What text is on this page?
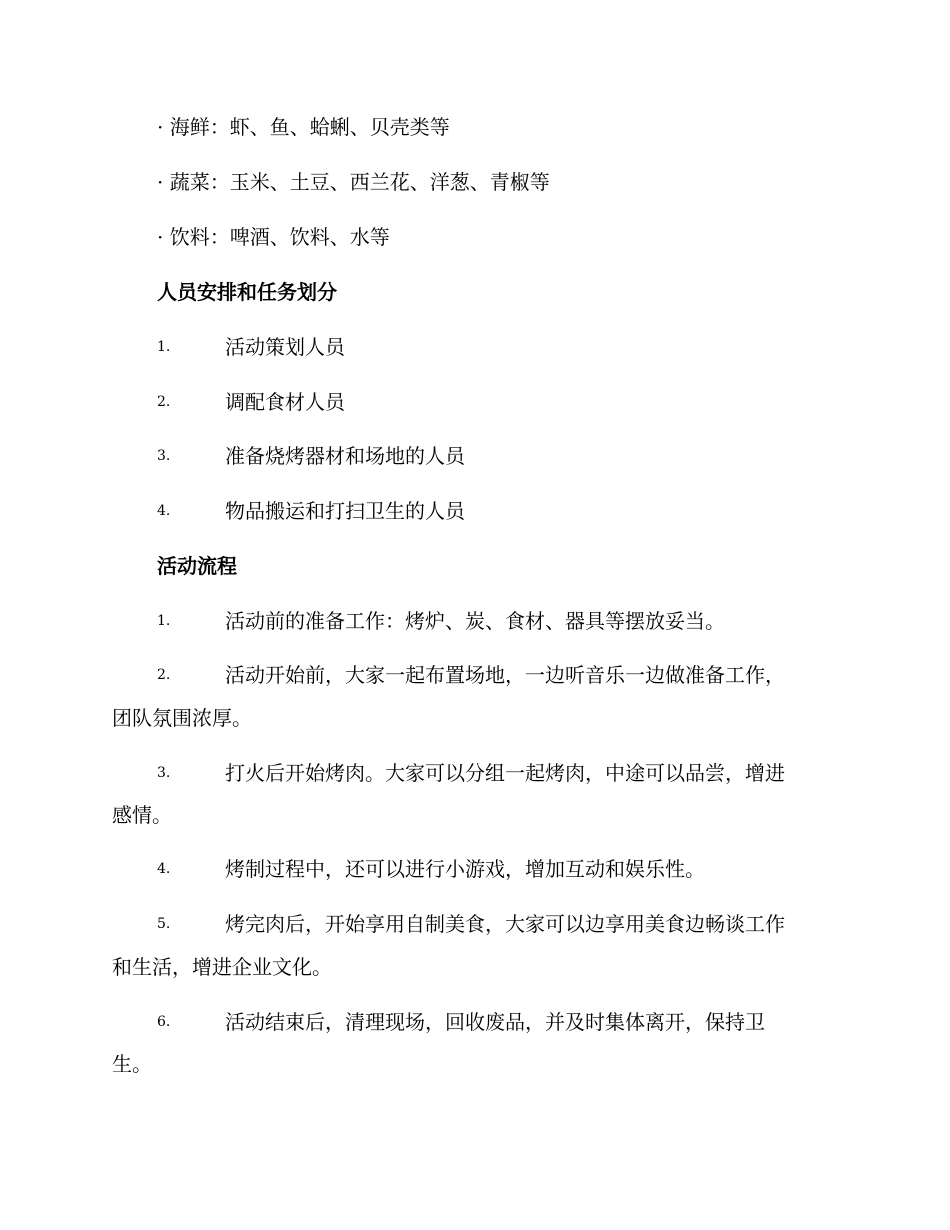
· 海鲜：虾、鱼、蛤蜊、贝壳类等
· 蔬菜：玉米、土豆、西兰花、洋葱、青椒等
· 饮料：啤酒、饮料、水等
人员安排和任务划分
1.	活动策划人员
2.	调配食材人员
3.	准备烧烤器材和场地的人员
4.	物品搬运和打扫卫生的人员
活动流程
1.	活动前的准备工作：烤炉、炭、食材、器具等摆放妥当。
2.	活动开始前，大家一起布置场地，一边听音乐一边做准备工作，
团队氛围浓厚。
3.	打火后开始烤肉。大家可以分组一起烤肉，中途可以品尝，增进
感情。
4.	烤制过程中，还可以进行小游戏，增加互动和娱乐性。
5.	烤完肉后，开始享用自制美食，大家可以边享用美食边畅谈工作
和生活，增进企业文化。
6.	活动结束后，清理现场，回收废品，并及时集体离开，保持卫
生。
